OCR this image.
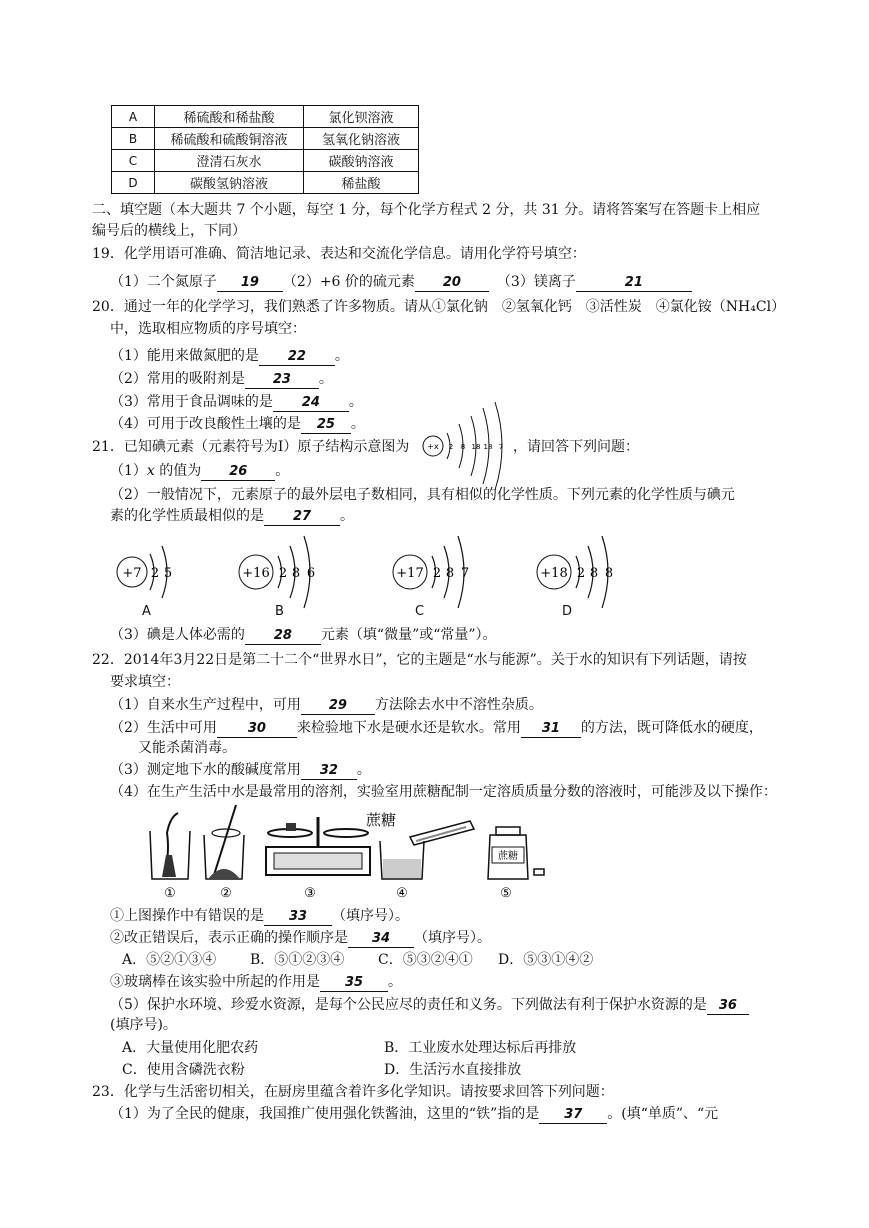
A	稀硫酸和稀盐酸	氯化钡溶液
B	稀硫酸和硫酸铜溶液	氢氧化钠溶液
C	澄清石灰水	碳酸钠溶液
D	碳酸氢钠溶液	稀盐酸
二、填空题（本大题共 7 个小题，每空 1 分，每个化学方程式 2 分，共 31 分。请将答案写在答题卡上相应
编号后的横线上，下同）
19．化学用语可准确、简洁地记录、表达和交流化学信息。请用化学符号填空：
（1）二个氮原子 19 （2）+6 价的硫元素 20	（3）镁离子	21
20．通过一年的化学学习，我们熟悉了许多物质。请从①氯化钠　②氢氧化钙　③活性炭　④氯化铵（NH₄Cl）
中，选取相应物质的序号填空：
（1）能用来做氮肥的是 22 。
（2）常用的吸附剂是 23 。
（3）常用于食品调味的是 24 。
（4）可用于改良酸性土壤的是 25 。
21．已知碘元素（元素符号为I）原子结构示意图为 +x 2 8 18 18 7 ，请回答下列问题：
（1）x 的值为 26 。
（2）一般情况下，元素原子的最外层电子数相同，具有相似的化学性质。下列元素的化学性质与碘元
素的化学性质最相似的是 27 。
+7 2 5
A
+16 2 8 6
B
+17 2 8 7
C
+18 2 8 8
D
（3）碘是人体必需的 28 元素（填“微量”或“常量”）。
22．2014年3月22日是第二十二个“世界水日”，它的主题是“水与能源”。关于水的知识有下列话题，请按
要求填空：
（1）自来水生产过程中，可用 29 方法除去水中不溶性杂质。
（2）生活中可用 30 来检验地下水是硬水还是软水。常用 31 的方法，既可降低水的硬度，
又能杀菌消毒。
（3）测定地下水的酸碱度常用 32 。
（4）在生产生活中水是最常用的溶剂，实验室用蔗糖配制一定溶质质量分数的溶液时，可能涉及以下操作：
①	②
蔗糖
③	④
蔗糖
⑤
①上图操作中有错误的是 33 （填序号）。
②改正错误后，表示正确的操作顺序是 34 （填序号）。
A．⑤②①③④ B．⑤①②③④ C．⑤③②④① D．⑤③①④②
③玻璃棒在该实验中所起的作用是 35 。
（5）保护水环境、珍爱水资源，是每个公民应尽的责任和义务。下列做法有利于保护水资源的是 36
(填序号)。
A．大量使用化肥农药	B．工业废水处理达标后再排放
C．使用含磷洗衣粉	D．生活污水直接排放
23．化学与生活密切相关，在厨房里蕴含着许多化学知识。请按要求回答下列问题：
（1）为了全民的健康，我国推广使用强化铁酱油，这里的“铁”指的是 37 。(填“单质”、“元
